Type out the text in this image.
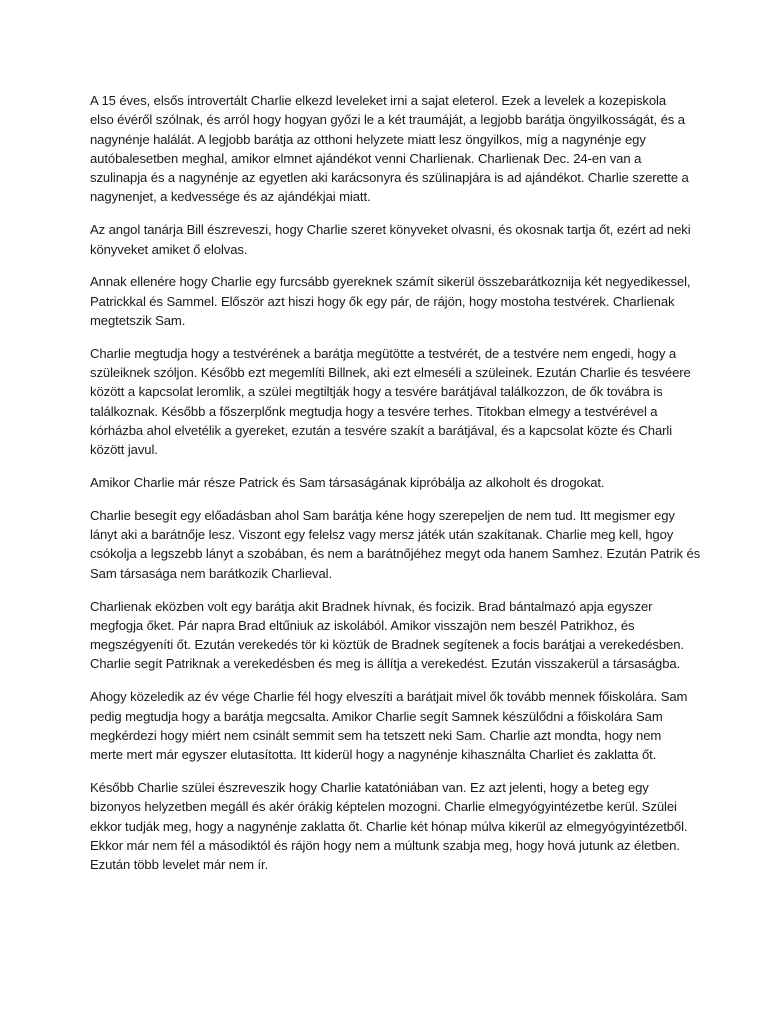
A 15 éves, elsős introvertált Charlie elkezd leveleket irni a sajat eleterol. Ezek a levelek a kozepiskola
elso évéről szólnak, és arról hogy hogyan győzi le a két traumáját, a legjobb barátja öngyilkosságát, és a
nagynénje halálát. A legjobb barátja az otthoni helyzete miatt lesz öngyilkos, míg a nagynénje egy
autóbalesetben meghal, amikor elmnet ajándékot venni Charlienak. Charlienak Dec. 24-en van a
szulinapja és a nagynénje az egyetlen aki karácsonyra és szülinapjára is ad ajándékot. Charlie szerette a
nagynenjet, a kedvessége és az ajándékjai miatt.
Az angol tanárja Bill észreveszi, hogy Charlie szeret könyveket olvasni, és okosnak tartja őt, ezért ad neki
könyveket amiket ő elolvas.
Annak ellenére hogy Charlie egy furcsább gyereknek számít sikerül összebarátkoznija két negyedikessel,
Patrickkal és Sammel. Először azt hiszi hogy ők egy pár, de rájön, hogy mostoha testvérek. Charlienak
megtetszik Sam.
Charlie megtudja hogy a testvérének a barátja megütötte a testvérét, de a testvére nem engedi, hogy a
szüleiknek szóljon. Később ezt megemlíti Billnek, aki ezt elmeséli a szüleinek. Ezután Charlie és tesvéere
között a kapcsolat leromlik, a szülei megtiltják hogy a tesvére barátjával találkozzon, de ők továbra is
találkoznak. Később a főszerplőnk megtudja hogy a tesvére terhes. Titokban elmegy a testvérével a
kórházba ahol elvetélik a gyereket, ezután a tesvére szakít a barátjával, és a kapcsolat közte és Charli
között javul.
Amikor Charlie már része Patrick és Sam társaságának kipróbálja az alkoholt és drogokat.
Charlie besegít egy előadásban ahol Sam barátja kéne hogy szerepeljen de nem tud. Itt megismer egy
lányt aki a barátnője lesz. Viszont egy felelsz vagy mersz játék után szakítanak. Charlie meg kell, hgoy
csókolja a legszebb lányt a szobában, és nem a barátnőjéhez megyt oda hanem Samhez. Ezután Patrik és
Sam társasága nem barátkozik Charlieval.
Charlienak eközben volt egy barátja akit Bradnek hívnak, és focizik. Brad bántalmazó apja egyszer
megfogja őket. Pár napra Brad eltűniuk az iskolából. Amikor visszajön nem beszél Patrikhoz, és
megszégyeníti őt. Ezután verekedés tör ki köztük de Bradnek segítenek a focis barátjai a verekedésben.
Charlie segít Patriknak a verekedésben és meg is állítja a verekedést. Ezután visszakerül a társaságba.
Ahogy közeledik az év vége Charlie fél hogy elveszíti a barátjait mivel ők tovább mennek főiskolára. Sam
pedig megtudja hogy a barátja megcsalta. Amikor Charlie segít Samnek készülődni a főiskolára Sam
megkérdezi hogy miért nem csinált semmit sem ha tetszett neki Sam. Charlie azt mondta, hogy nem
merte mert már egyszer elutasította. Itt kiderül hogy a nagynénje kihasználta Charliet és zaklatta őt.
Később Charlie szülei észreveszik hogy Charlie katatóniában van. Ez azt jelenti, hogy a beteg egy
bizonyos helyzetben megáll és akér órákig képtelen mozogni. Charlie elmegyógyintézetbe kerül. Szülei
ekkor tudják meg, hogy a nagynénje zaklatta őt. Charlie két hónap múlva kikerül az elmegyógyintézetből.
Ekkor már nem fél a másodiktól és rájön hogy nem a múltunk szabja meg, hogy hová jutunk az életben.
Ezután több levelet már nem ír.
